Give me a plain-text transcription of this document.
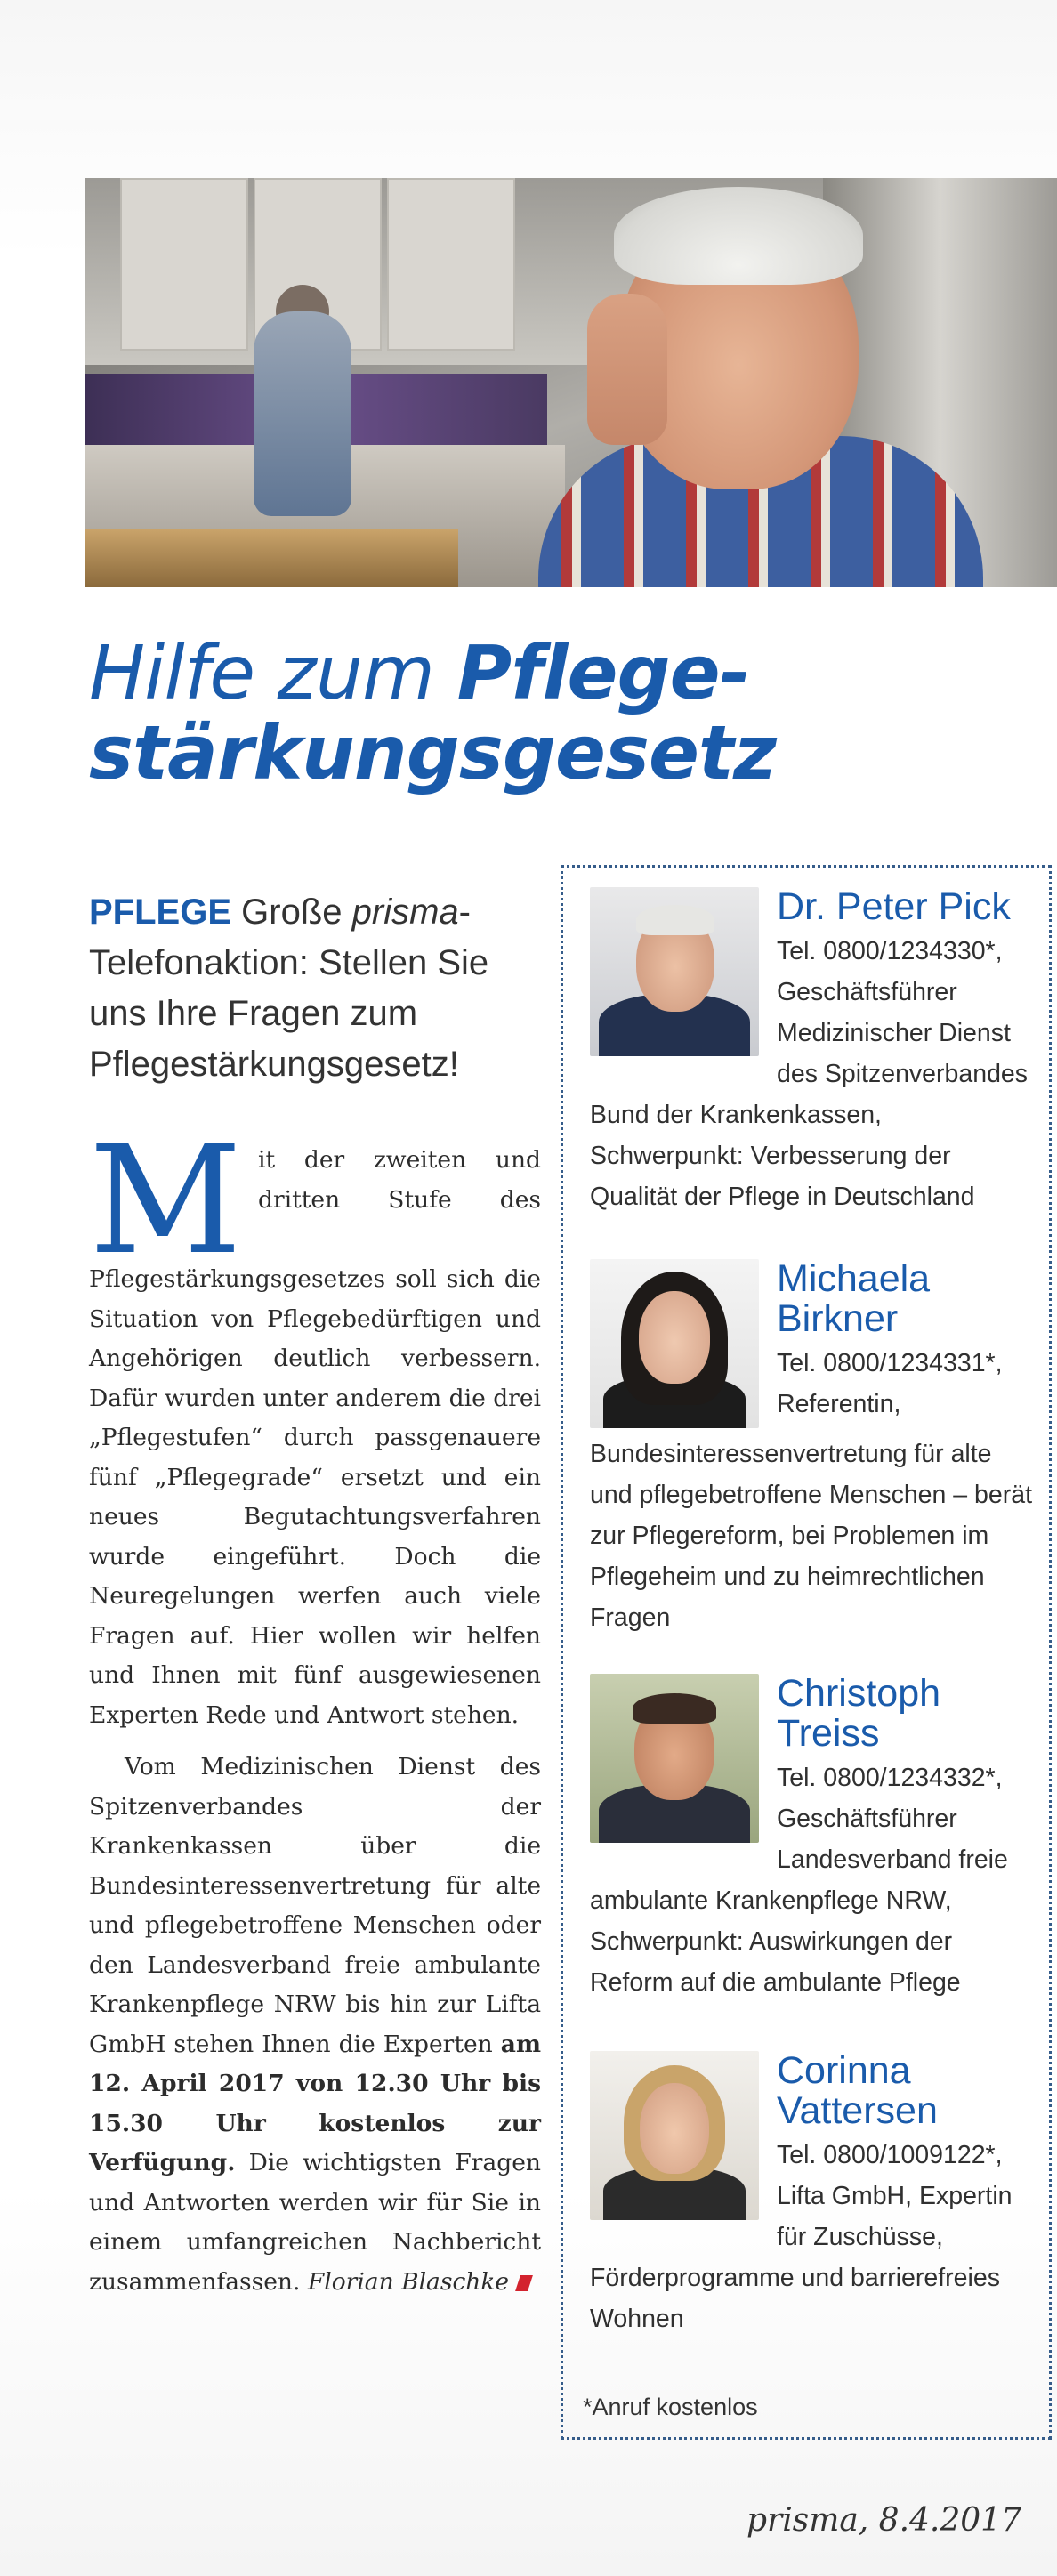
Hilfe zum Pflege-
stärkungsgesetz
PFLEGE Große prisma-Telefonaktion: Stellen Sie uns Ihre Fragen zum Pflegestärkungsgesetz!

Mit der zweiten und dritten Stufe des Pflegestärkungsgesetzes soll sich die Situation von Pflegebedürftigen und Angehörigen deutlich verbessern. Dafür wurden unter anderem die drei „Pflegestufen“ durch passgenauere fünf „Pflegegrade“ ersetzt und ein neues Begutachtungsverfahren wurde eingeführt. Doch die Neuregelungen werfen auch viele Fragen auf. Hier wollen wir helfen und Ihnen mit fünf ausgewiesenen Experten Rede und Antwort stehen.

Vom Medizinischen Dienst des Spitzenverbandes der Krankenkassen über die Bundesinteressenvertretung für alte und pflegebetroffene Menschen oder den Landesverband freie ambulante Krankenpflege NRW bis hin zur Lifta GmbH stehen Ihnen die Experten am 12. April 2017 von 12.30 Uhr bis 15.30 Uhr kostenlos zur Verfügung. Die wichtigsten Fragen und Antworten werden wir für Sie in einem umfangreichen Nachbericht zusammenfassen. Florian Blaschke

Dr. Peter Pick
Tel. 0800/1234330*,
Geschäftsführer Medizinischer Dienst des Spitzenverbandes Bund der Krankenkassen, Schwerpunkt: Verbesserung der Qualität der Pflege in Deutschland
Michaela Birkner
Tel. 0800/1234331*,
Referentin, Bundesinteressenvertretung für alte und pflegebetroffene Menschen – berät zur Pflegereform, bei Problemen im Pflegeheim und zu heimrechtlichen Fragen
Christoph Treiss
Tel. 0800/1234332*,
Geschäftsführer Landesverband freie ambulante Krankenpflege NRW, Schwerpunkt: Auswirkungen der Reform auf die ambulante Pflege
Corinna Vattersen
Tel. 0800/1009122*,
Lifta GmbH, Expertin für Zuschüsse, Förderprogramme und barrierefreies Wohnen
*Anruf kostenlos
prisma, 8.4.2017
